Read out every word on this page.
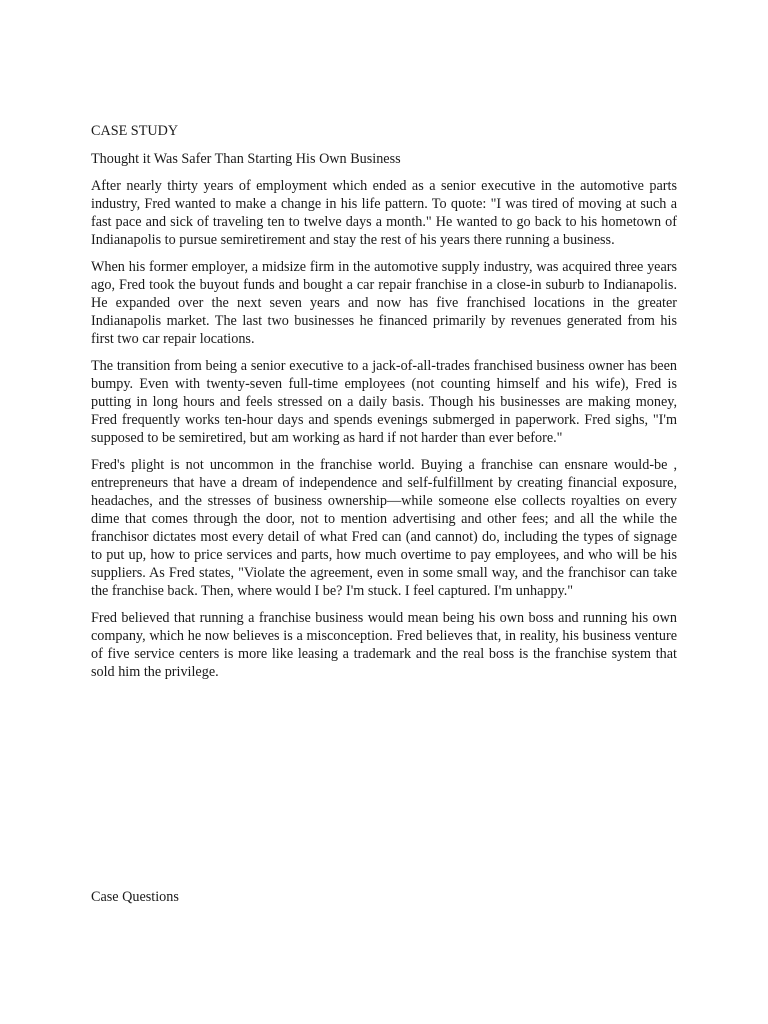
CASE STUDY

Thought it Was Safer Than Starting His Own Business

After nearly thirty years of employment which ended as a senior executive in the automotive parts industry, Fred wanted to make a change in his life pattern. To quote: "I was tired of moving at such a fast pace and sick of traveling ten to twelve days a month." He wanted to go back to his hometown of Indianapolis to pursue semiretirement and stay the rest of his years there running a business.

When his former employer, a midsize firm in the automotive supply industry, was acquired three years ago, Fred took the buyout funds and bought a car repair franchise in a close-in suburb to Indianapolis. He expanded over the next seven years and now has five franchised locations in the greater Indianapolis market. The last two businesses he financed primarily by revenues generated from his first two car repair locations.

The transition from being a senior executive to a jack-of-all-trades franchised business owner has been bumpy. Even with twenty-seven full-time employees (not counting himself and his wife), Fred is putting in long hours and feels stressed on a daily basis. Though his businesses are making money, Fred frequently works ten-hour days and spends evenings submerged in paperwork. Fred sighs, "I'm supposed to be semiretired, but am working as hard if not harder than ever before."

Fred's plight is not uncommon in the franchise world. Buying a franchise can ensnare would-be , entrepreneurs that have a dream of independence and self-fulfillment by creating financial exposure, headaches, and the stresses of business ownership—while someone else collects royalties on every dime that comes through the door, not to mention advertising and other fees; and all the while the franchisor dictates most every detail of what Fred can (and cannot) do, including the types of signage to put up, how to price services and parts, how much overtime to pay employees, and who will be his suppliers. As Fred states, "Violate the agreement, even in some small way, and the franchisor can take the franchise back. Then, where would I be? I'm stuck. I feel captured. I'm unhappy."

Fred believed that running a franchise business would mean being his own boss and running his own company, which he now believes is a misconception. Fred believes that, in reality, his business venture of five service centers is more like leasing a trademark and the real boss is the franchise system that sold him the privilege.

Case Questions
